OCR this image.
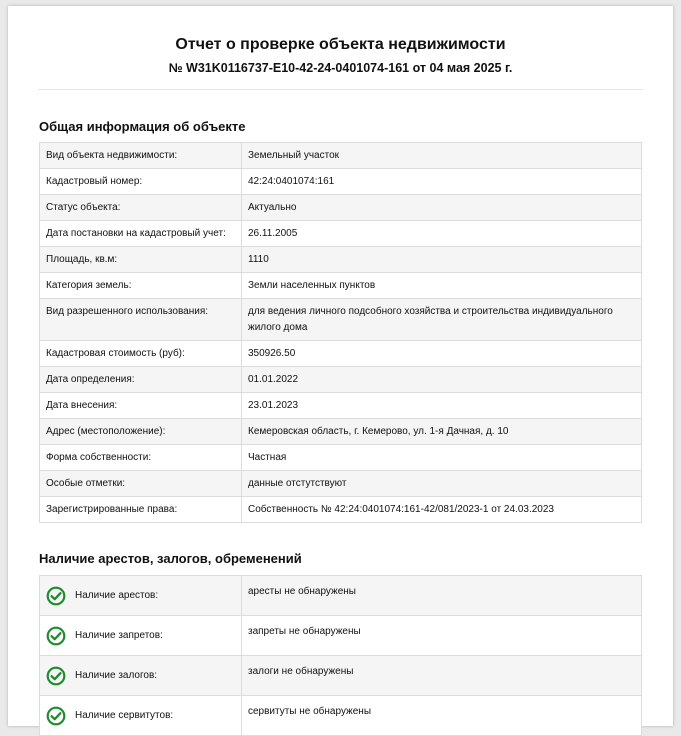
Отчет о проверке объекта недвижимости
№ W31K0116737-E10-42-24-0401074-161 от 04 мая 2025 г.
Общая информация об объекте
Вид объекта недвижимости:	Земельный участок
Кадастровый номер:	42:24:0401074:161
Статус объекта:	Актуально
Дата постановки на кадастровый учет:	26.11.2005
Площадь, кв.м:	1110
Категория земель:	Земли населенных пунктов
Вид разрешенного использования:	для ведения личного подсобного хозяйства и строительства индивидуального жилого дома
Кадастровая стоимость (руб):	350926.50
Дата определения:	01.01.2022
Дата внесения:	23.01.2023
Адрес (местоположение):	Кемеровская область, г. Кемерово, ул. 1-я Дачная, д. 10
Форма собственности:	Частная
Особые отметки:	данные отстутствуют
Зарегистрированные права:	Собственность № 42:24:0401074:161-42/081/2023-1 от 24.03.2023
Наличие арестов, залогов, обременений
Наличие арестов:	аресты не обнаружены

Наличие запретов:	запреты не обнаружены

Наличие залогов:	залоги не обнаружены

Наличие сервитутов:	сервитуты не обнаружены
